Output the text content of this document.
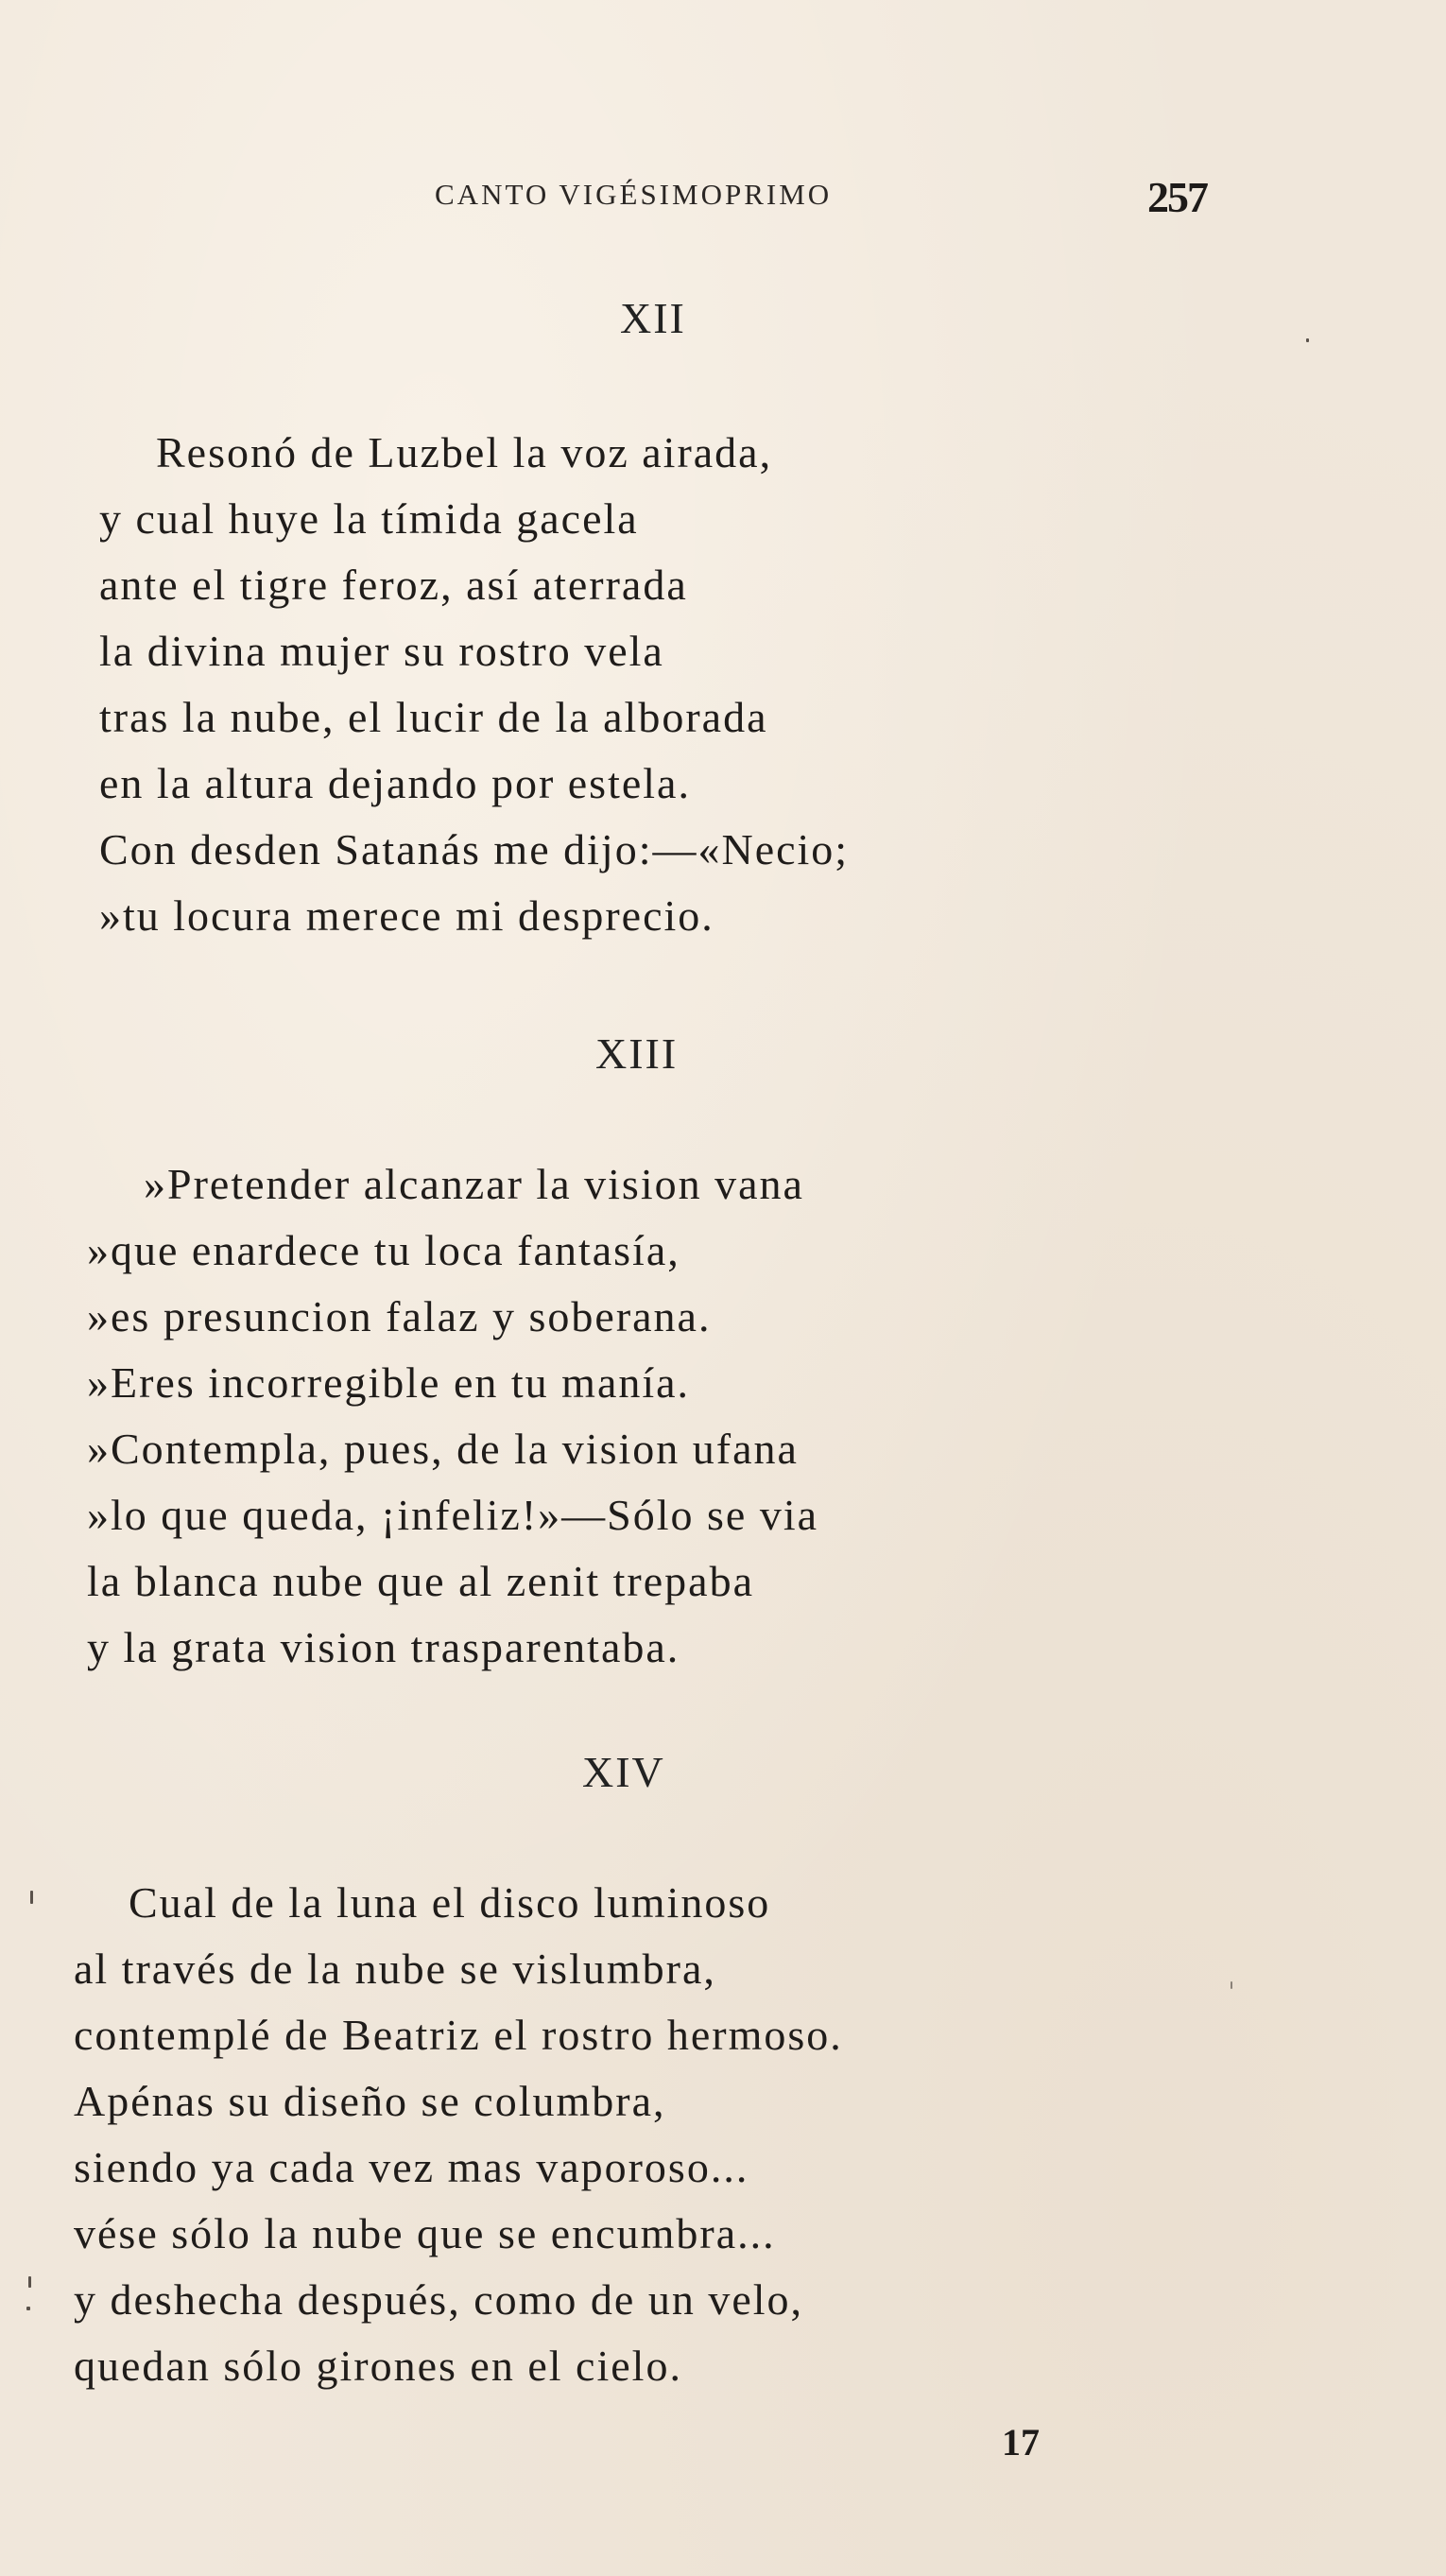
CANTO VIGÉSIMOPRIMO	257
XII
Resonó de Luzbel la voz airada,
y cual huye la tímida gacela
ante el tigre feroz, así aterrada
la divina mujer su rostro vela
tras la nube, el lucir de la alborada
en la altura dejando por estela.
Con desden Satanás me dijo:—«Necio;
»tu locura merece mi desprecio.
XIII
»Pretender alcanzar la vision vana
»que enardece tu loca fantasía,
»es presuncion falaz y soberana.
»Eres incorregible en tu manía.
»Contempla, pues, de la vision ufana
»lo que queda, ¡infeliz!»—Sólo se via
la blanca nube que al zenit trepaba
y la grata vision trasparentaba.
XIV
Cual de la luna el disco luminoso
al través de la nube se vislumbra,
contemplé de Beatriz el rostro hermoso.
Apénas su diseño se columbra,
siendo ya cada vez mas vaporoso...
vése sólo la nube que se encumbra...
y deshecha después, como de un velo,
quedan sólo girones en el cielo.
17
